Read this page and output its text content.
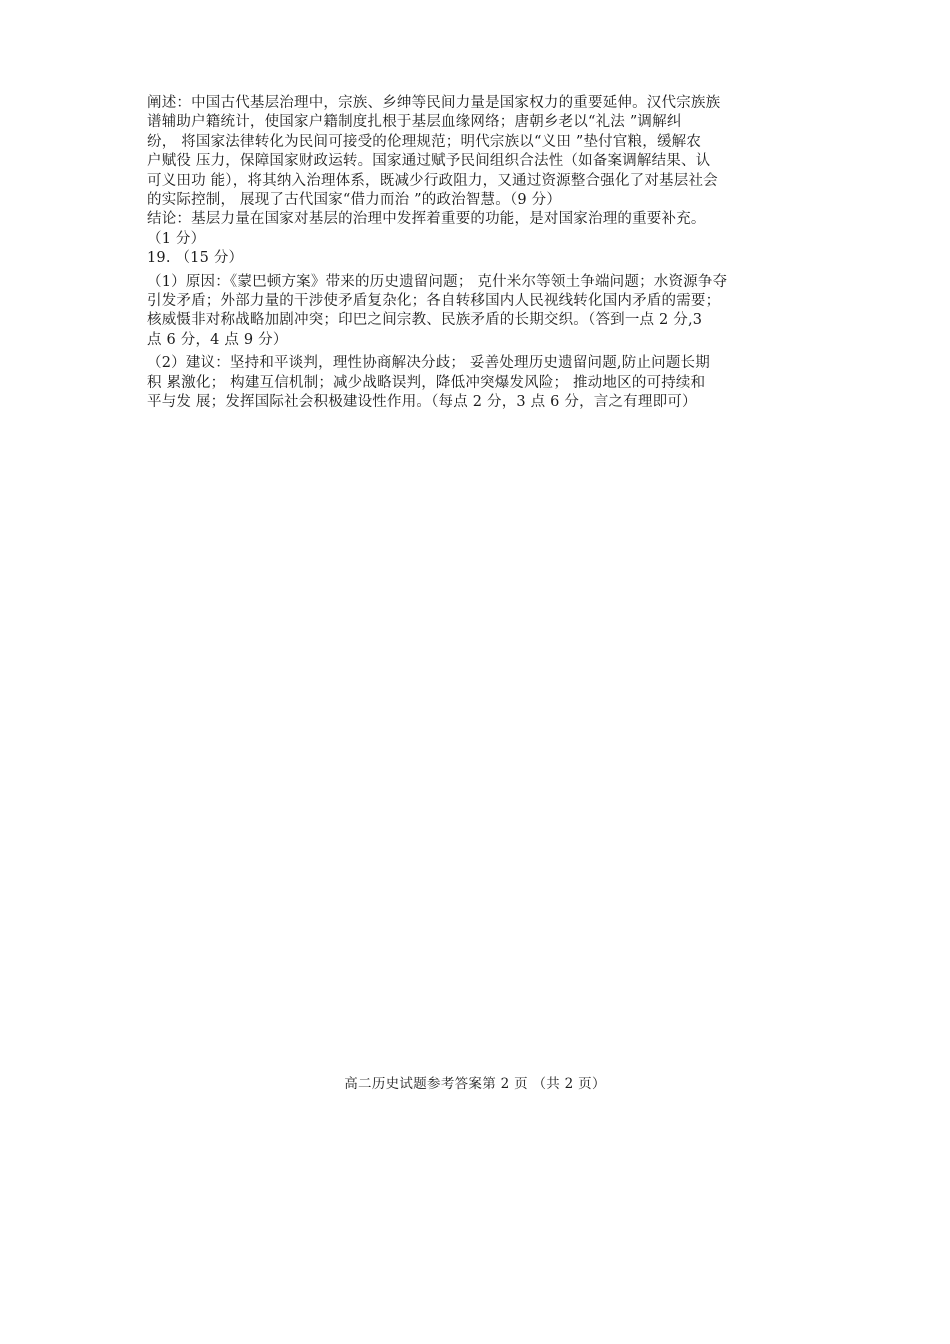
阐述：中国古代基层治理中，宗族、乡绅等民间力量是国家权力的重要延伸。汉代宗族族
谱辅助户籍统计，使国家户籍制度扎根于基层血缘网络；唐朝乡老以“礼法 ”调解纠
纷， 将国家法律转化为民间可接受的伦理规范；明代宗族以“义田 ”垫付官粮，缓解农
户赋役 压力，保障国家财政运转。国家通过赋予民间组织合法性（如备案调解结果、认
可义田功 能），将其纳入治理体系，既减少行政阻力，又通过资源整合强化了对基层社会
的实际控制， 展现了古代国家“借力而治 ”的政治智慧。（9 分）
结论：基层力量在国家对基层的治理中发挥着重要的功能，是对国家治理的重要补充。
（1 分）
19. （15 分）
（1）原因：《蒙巴顿方案》带来的历史遗留问题； 克什米尔等领土争端问题；水资源争夺
引发矛盾；外部力量的干涉使矛盾复杂化；各自转移国内人民视线转化国内矛盾的需要；
核威慑非对称战略加剧冲突；印巴之间宗教、民族矛盾的长期交织。（答到一点 2 分,3
点 6 分，4 点 9 分）
（2）建议：坚持和平谈判，理性协商解决分歧； 妥善处理历史遗留问题,防止问题长期
积 累激化； 构建互信机制；减少战略误判，降低冲突爆发风险； 推动地区的可持续和
平与发 展；发挥国际社会积极建设性作用。（每点 2 分，3 点 6 分，言之有理即可）
高二历史试题参考答案第 2 页 （共 2 页）
